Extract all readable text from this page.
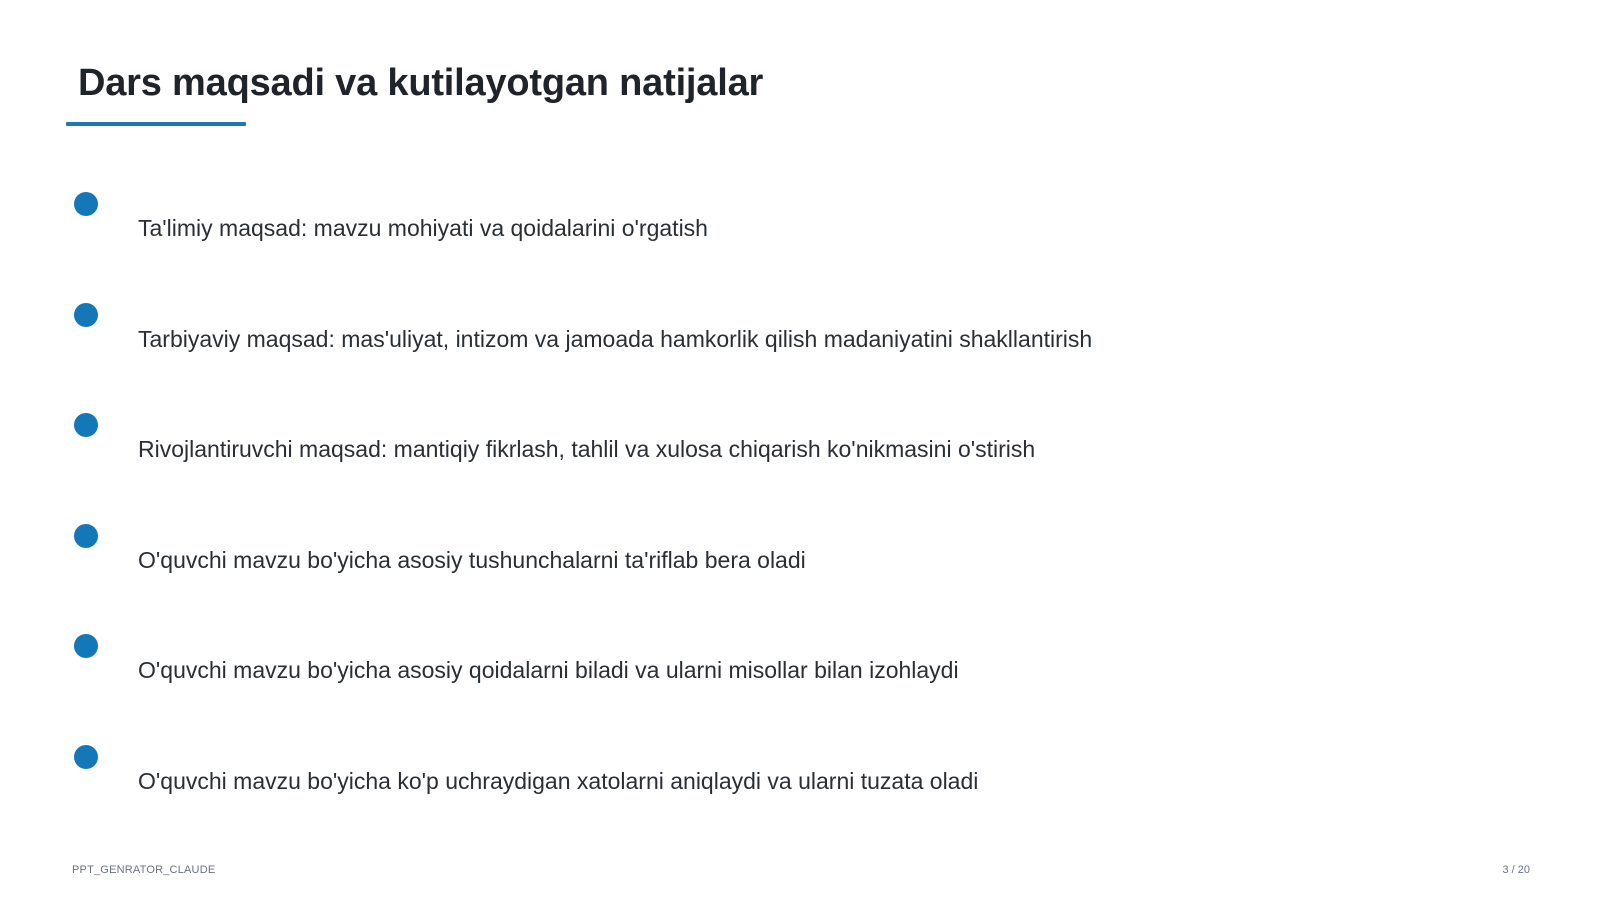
Dars maqsadi va kutilayotgan natijalar
Ta'limiy maqsad: mavzu mohiyati va qoidalarini o'rgatish
Tarbiyaviy maqsad: mas'uliyat, intizom va jamoada hamkorlik qilish madaniyatini shakllantirish
Rivojlantiruvchi maqsad: mantiqiy fikrlash, tahlil va xulosa chiqarish ko'nikmasini o'stirish
O'quvchi mavzu bo'yicha asosiy tushunchalarni ta'riflab bera oladi
O'quvchi mavzu bo'yicha asosiy qoidalarni biladi va ularni misollar bilan izohlaydi
O'quvchi mavzu bo'yicha ko'p uchraydigan xatolarni aniqlaydi va ularni tuzata oladi
PPT_GENRATOR_CLAUDE	3 / 20
